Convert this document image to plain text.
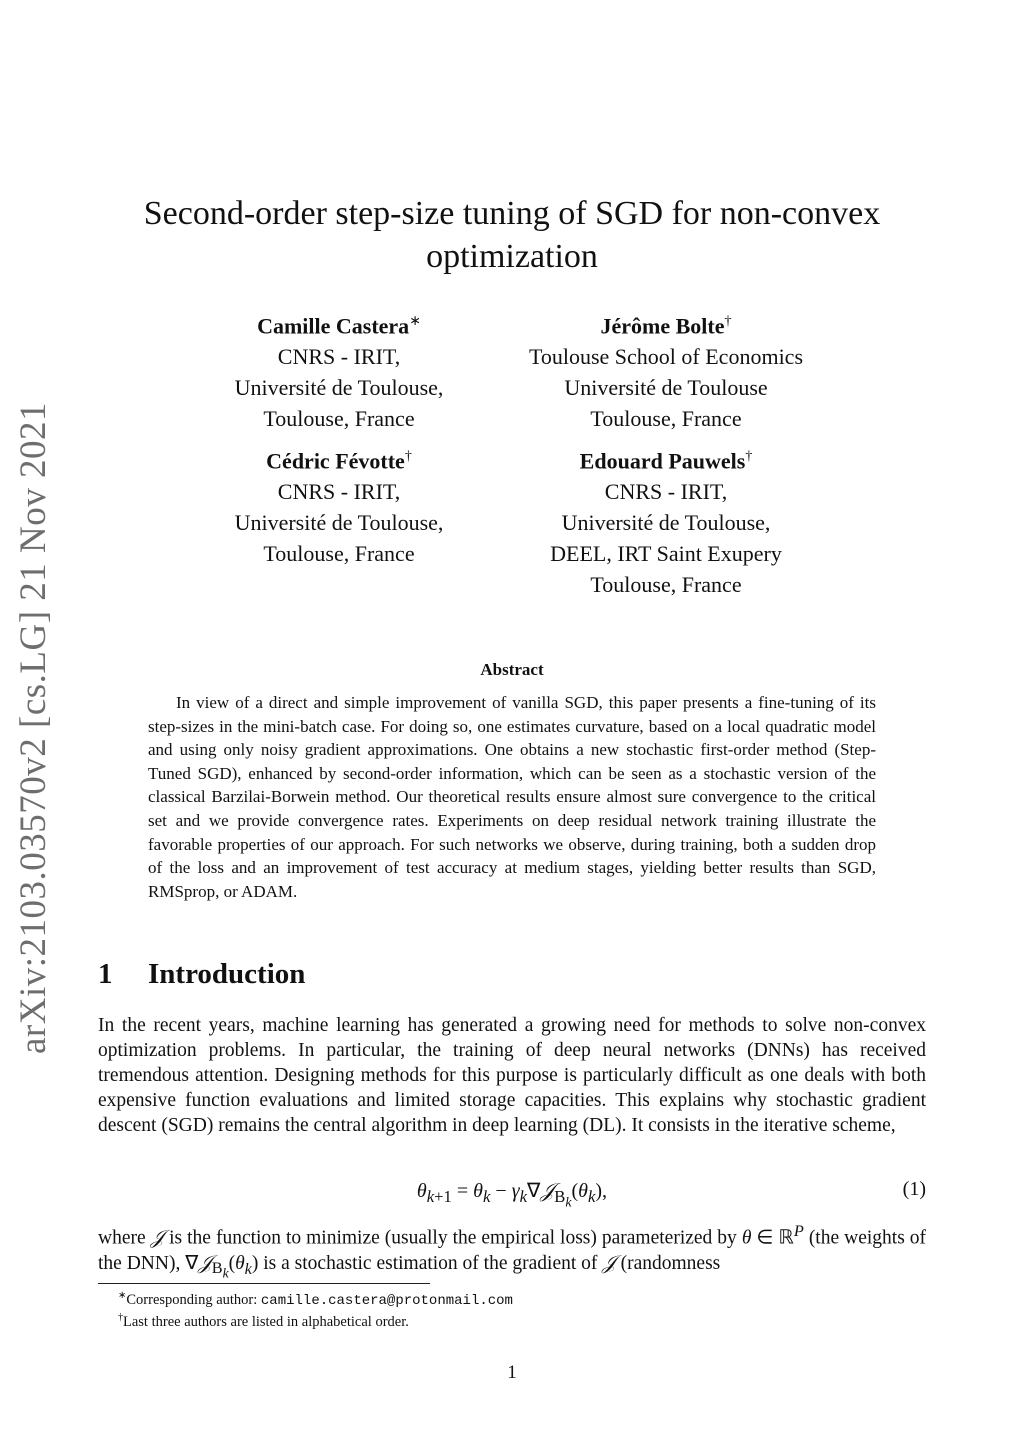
arXiv:2103.03570v2 [cs.LG] 21 Nov 2021
Second-order step-size tuning of SGD for non-convex
optimization
Camille Castera∗
CNRS - IRIT,
Université de Toulouse,
Toulouse, France
Jérôme Bolte†
Toulouse School of Economics
Université de Toulouse
Toulouse, France
Cédric Févotte†
CNRS - IRIT,
Université de Toulouse,
Toulouse, France
Edouard Pauwels†
CNRS - IRIT,
Université de Toulouse,
DEEL, IRT Saint Exupery
Toulouse, France
Abstract
In view of a direct and simple improvement of vanilla SGD, this paper presents a fine-tuning of its step-sizes in the mini-batch case. For doing so, one estimates curvature, based on a local quadratic model and using only noisy gradient approximations. One obtains a new stochastic first-order method (Step-Tuned SGD), enhanced by second-order information, which can be seen as a stochastic version of the classical Barzilai-Borwein method. Our theoretical results ensure almost sure convergence to the critical set and we provide convergence rates. Experiments on deep residual network training illustrate the favorable properties of our approach. For such networks we observe, during training, both a sudden drop of the loss and an improvement of test accuracy at medium stages, yielding better results than SGD, RMSprop, or ADAM.
1 Introduction
In the recent years, machine learning has generated a growing need for methods to solve non-convex optimization problems. In particular, the training of deep neural networks (DNNs) has received tremendous attention. Designing methods for this purpose is particularly difficult as one deals with both expensive function evaluations and limited storage capacities. This explains why stochastic gradient descent (SGD) remains the central algorithm in deep learning (DL). It consists in the iterative scheme,
$\theta_{k+1} = \theta_k$ − $\gamma_k\nabla 𝒥_{B_k}(\theta_k)$,	(1)
where 𝒥 is the function to minimize (usually the empirical loss) parameterized by θ ∈ ℝ$^P$ (the weights of the DNN), $\nabla 𝒥_{B_k}(\theta_k)$ is a stochastic estimation of the gradient of 𝒥 (randomness
∗Corresponding author: camille.castera@protonmail.com
†Last three authors are listed in alphabetical order.
1
